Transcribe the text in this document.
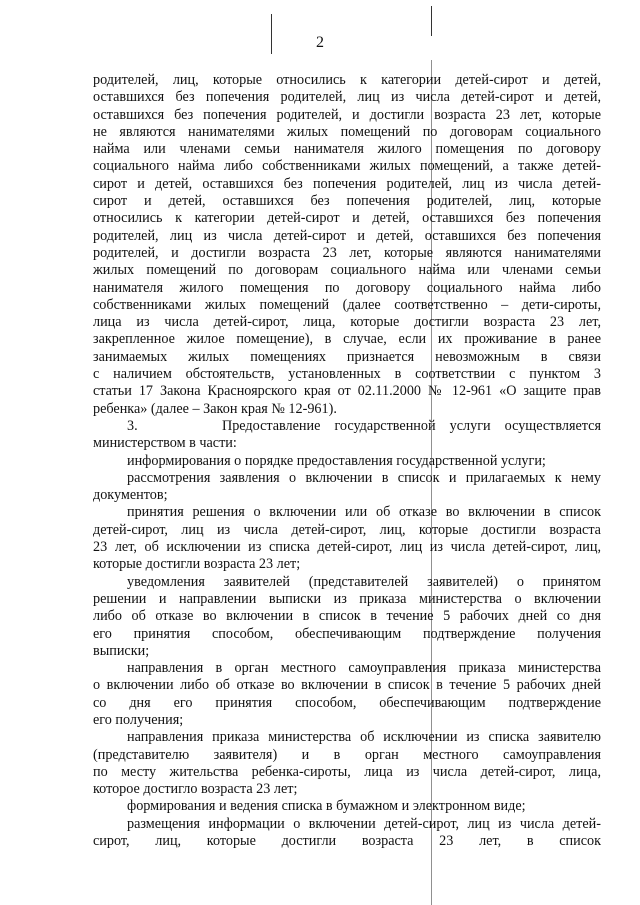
2

родителей, лиц, которые относились к категории детей-сирот и детей,

оставшихся без попечения родителей, лиц из числа детей-сирот и детей,

оставшихся без попечения родителей, и достигли возраста 23 лет, которые

не являются нанимателями жилых помещений по договорам социального

найма или членами семьи нанимателя жилого помещения по договору

социального найма либо собственниками жилых помещений, а также детей-

сирот и детей, оставшихся без попечения родителей, лиц из числа детей-

сирот и детей, оставшихся без попечения родителей, лиц, которые

относились к категории детей-сирот и детей, оставшихся без попечения

родителей, лиц из числа детей-сирот и детей, оставшихся без попечения

родителей, и достигли возраста 23 лет, которые являются нанимателями

жилых помещений по договорам социального найма или членами семьи

нанимателя жилого помещения по договору социального найма либо

собственниками жилых помещений (далее соответственно – дети-сироты,

лица из числа детей-сирот, лица, которые достигли возраста 23 лет,

закрепленное жилое помещение), в случае, если их проживание в ранее

занимаемых жилых помещениях признается невозможным в связи

с наличием обстоятельств, установленных в соответствии с пунктом 3

статьи 17 Закона Красноярского края от 02.11.2000 № 12-961 «О защите прав

ребенка» (далее – Закон края № 12-961).

3.      Предоставление государственной услуги осуществляется

министерством в части:

информирования о порядке предоставления государственной услуги;

рассмотрения заявления о включении в список и прилагаемых к нему

документов;

принятия решения о включении или об отказе во включении в список

детей-сирот, лиц из числа детей-сирот, лиц, которые достигли возраста

23 лет, об исключении из списка детей-сирот, лиц из числа детей-сирот, лиц,

которые достигли возраста 23 лет;

уведомления заявителей (представителей заявителей) о принятом

решении и направлении выписки из приказа министерства о включении

либо об отказе во включении в список в течение 5 рабочих дней со дня

его принятия способом, обеспечивающим подтверждение получения

выписки;

направления в орган местного самоуправления приказа министерства

о включении либо об отказе во включении в список в течение 5 рабочих дней

со дня его принятия способом, обеспечивающим подтверждение

его получения;

направления приказа министерства об исключении из списка заявителю

(представителю заявителя) и в орган местного самоуправления

по месту жительства ребенка-сироты, лица из числа детей-сирот, лица,

которое достигло возраста 23 лет;

формирования и ведения списка в бумажном и электронном виде;

размещения информации о включении детей-сирот, лиц из числа детей-

сирот, лиц, которые достигли возраста 23 лет, в список
